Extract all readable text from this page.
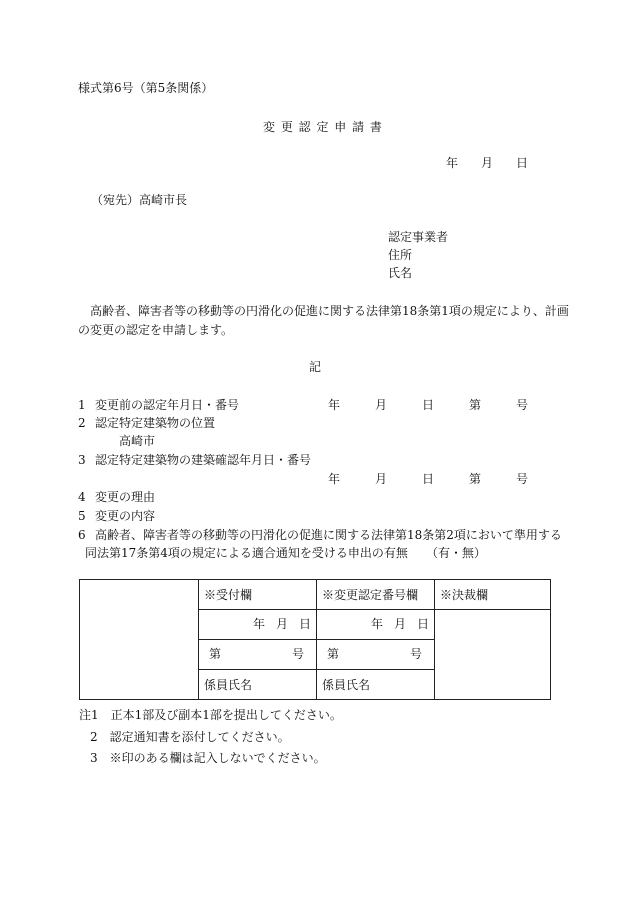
様式第6号（第5条関係）
変 更 認 定 申 請 書
年 月 日
（宛先）高崎市長
認定事業者
住所
氏名
高齢者、障害者等の移動等の円滑化の促進に関する法律第18条第1項の規定により、計画
の変更の認定を申請します。
記
1 変更前の認定年月日・番号	年	月	日	第	号
2 認定特定建築物の位置
高崎市
3 認定特定建築物の建築確認年月日・番号
年	月	日	第	号
4 変更の理由
5 変更の内容
6 高齢者、障害者等の移動等の円滑化の促進に関する法律第18条第2項において準用する
同法第17条第4項の規定による適合通知を受ける申出の有無 （有・無）
	※受付欄	※変更認定番号欄	※決裁欄

	年 月 日	年 月 日	

	第 号	第 号	

	係員氏名	係員氏名	
注1　正本1部及び副本1部を提出してください。
2　認定通知書を添付してください。
3　※印のある欄は記入しないでください。
